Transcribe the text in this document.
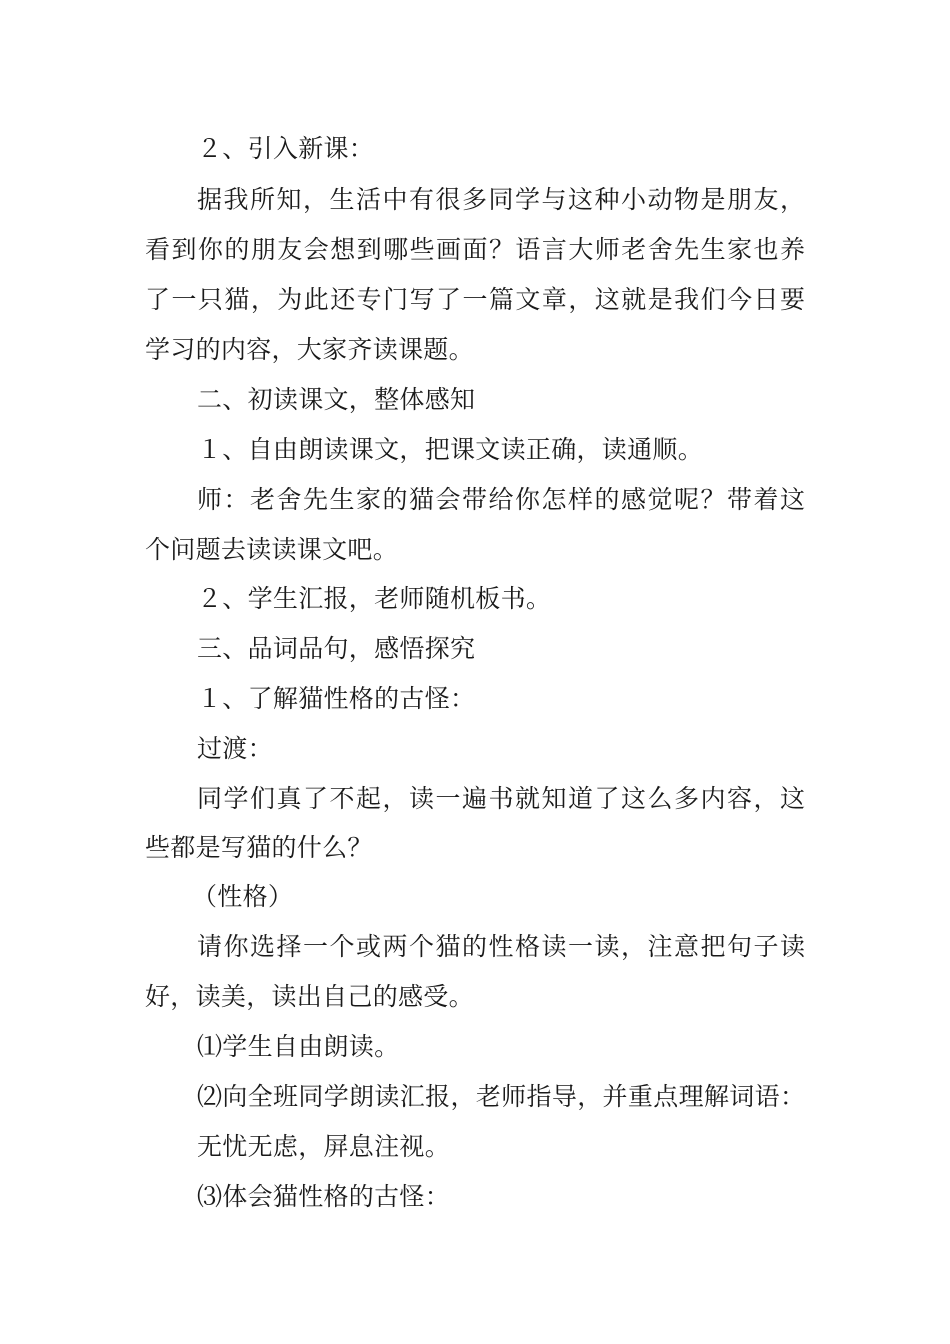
２、引入新课：
据我所知，生活中有很多同学与这种小动物是朋友，
看到你的朋友会想到哪些画面？语言大师老舍先生家也养
了一只猫，为此还专门写了一篇文章，这就是我们今日要
学习的内容，大家齐读课题。
二、初读课文，整体感知
１、自由朗读课文，把课文读正确，读通顺。
师：老舍先生家的猫会带给你怎样的感觉呢？带着这
个问题去读读课文吧。
２、学生汇报，老师随机板书。
三、品词品句，感悟探究
１、了解猫性格的古怪：
过渡：
同学们真了不起，读一遍书就知道了这么多内容，这
些都是写猫的什么？
（性格）
请你选择一个或两个猫的性格读一读，注意把句子读
好，读美，读出自己的感受。
⑴学生自由朗读。
⑵向全班同学朗读汇报，老师指导，并重点理解词语：
无忧无虑，屏息注视。
⑶体会猫性格的古怪：
